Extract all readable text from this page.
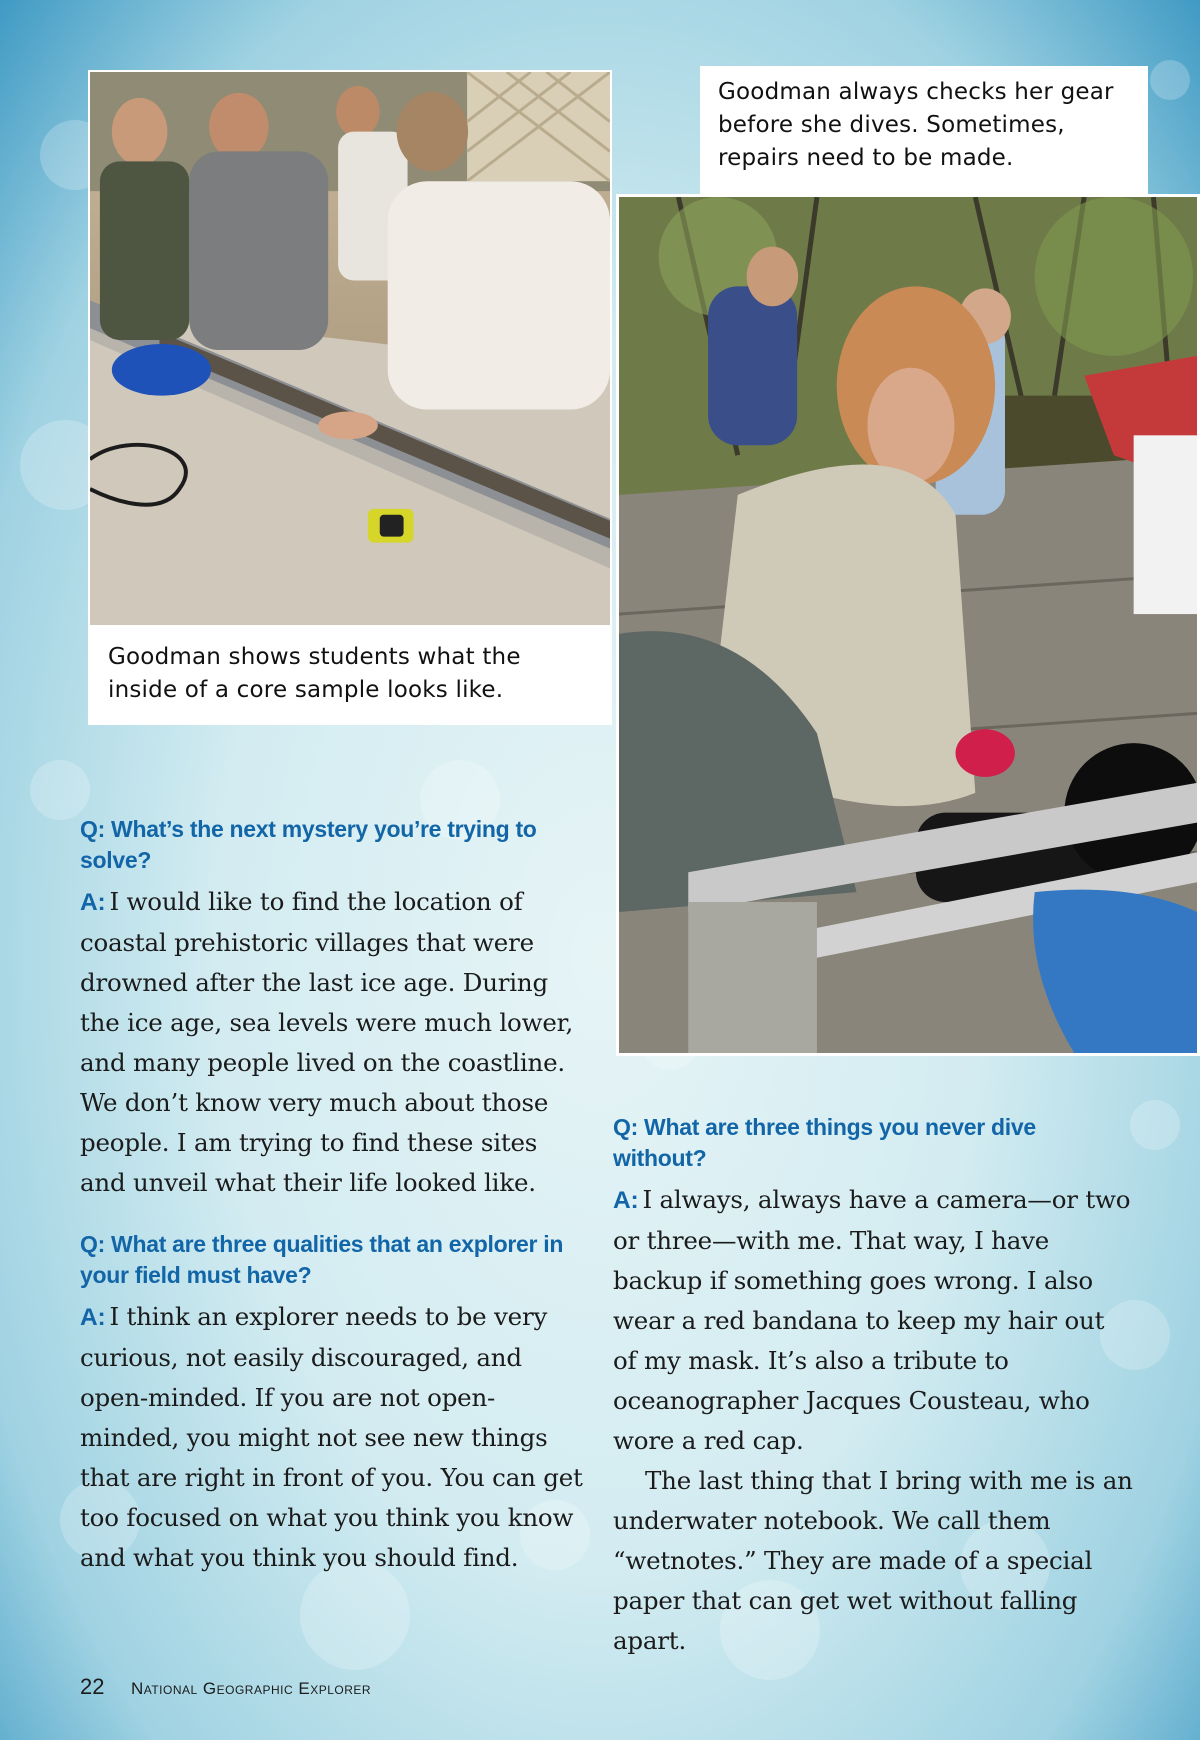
Goodman shows students what the inside of a core sample looks like.
Goodman always checks her gear before she dives. Sometimes, repairs need to be made.
Q: What’s the next mystery you’re trying to solve?
A: I would like to find the location of coastal prehistoric villages that were drowned after the last ice age. During the ice age, sea levels were much lower, and many people lived on the coastline. We don’t know very much about those people. I am trying to find these sites and unveil what their life looked like.
Q: What are three qualities that an explorer in your field must have?
A: I think an explorer needs to be very curious, not easily discouraged, and open-minded. If you are not open-minded, you might not see new things that are right in front of you. You can get too focused on what you think you know and what you think you should find.
Q: What are three things you never dive without?
A: I always, always have a camera—or two or three—with me. That way, I have backup if something goes wrong. I also wear a red bandana to keep my hair out of my mask. It’s also a tribute to oceanographer Jacques Cousteau, who wore a red cap.
The last thing that I bring with me is an underwater notebook. We call them “wetnotes.” They are made of a special paper that can get wet without falling apart.
22 National Geographic Explorer
